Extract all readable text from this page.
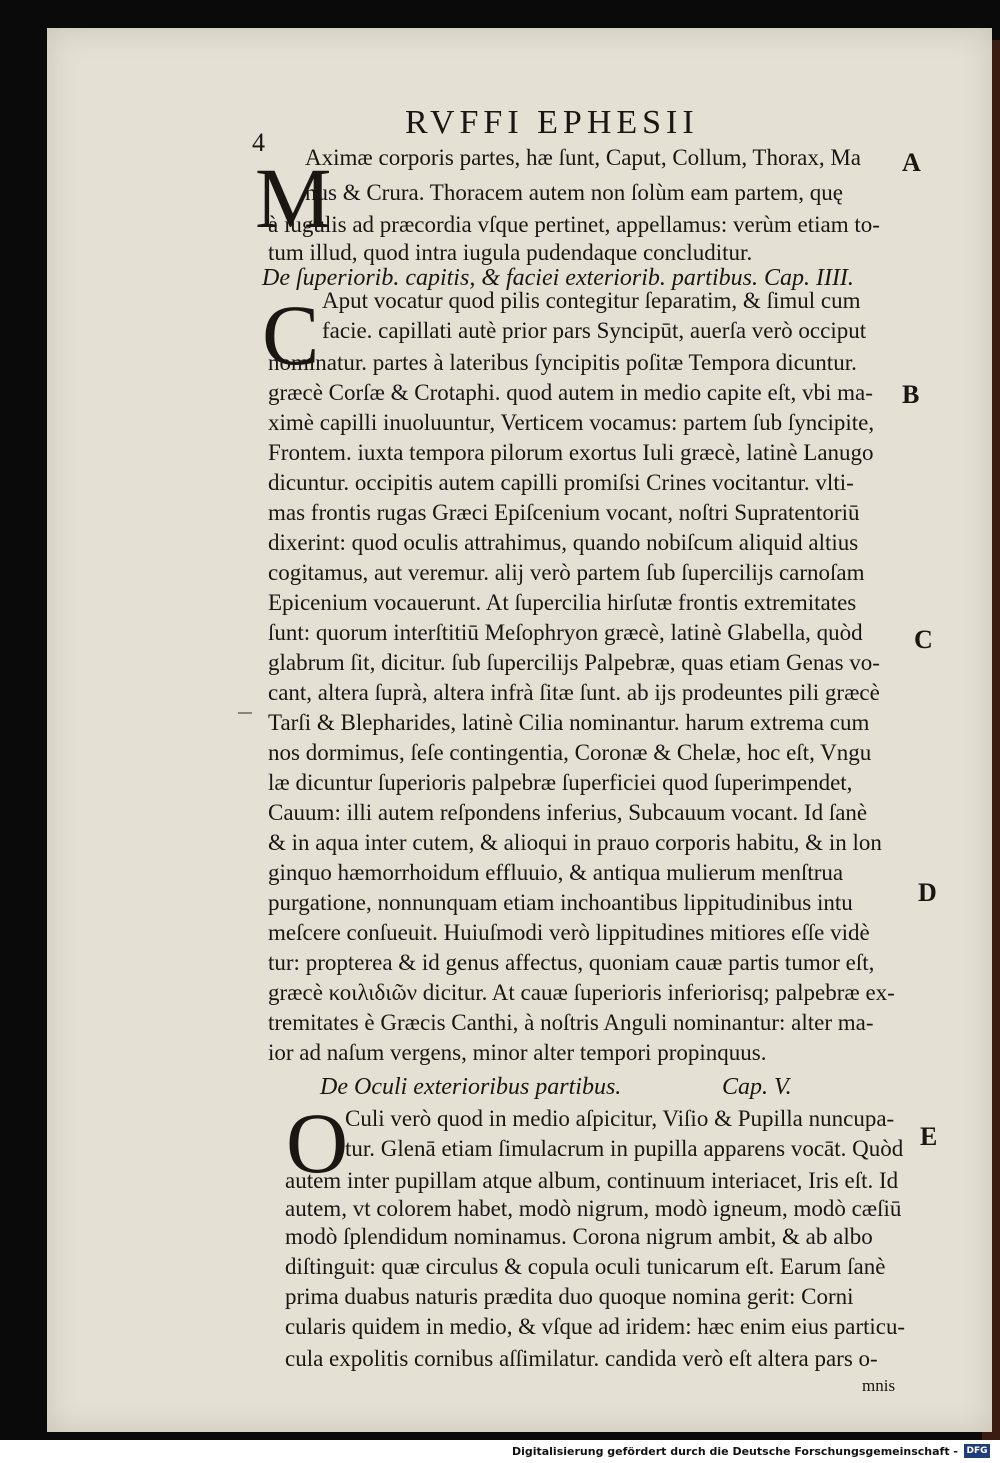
4
RVFFI EPHESII
M
Aximæ corporis partes, hæ ſunt, Caput, Collum, Thorax, Ma
nus & Crura. Thoracem autem non ſolùm eam partem, quę
à iugulis ad præcordia vſque pertinet, appellamus: verùm etiam to-
tum illud, quod intra iugula pudendaque concluditur.
De ſuperiorib. capitis, & faciei exteriorib. partibus. Cap. IIII.
C Aput vocatur quod pilis contegitur ſeparatim, & ſimul cum
facie. capillati autè prior pars Syncipūt, auerſa verò occiput
nominatur. partes à lateribus ſyncipitis poſitæ Tempora dicuntur.
græcè Corſæ & Crotaphi. quod autem in medio capite eſt, vbi ma-
ximè capilli inuoluuntur, Verticem vocamus: partem ſub ſyncipite,
Frontem. iuxta tempora pilorum exortus Iuli græcè, latinè Lanugo
dicuntur. occipitis autem capilli promiſsi Crines vocitantur. vlti-
mas frontis rugas Græci Epiſcenium vocant, noſtri Supratentoriū
dixerint: quod oculis attrahimus, quando nobiſcum aliquid altius
cogitamus, aut veremur. alij verò partem ſub ſupercilijs carnoſam
Epicenium vocauerunt. At ſupercilia hirſutæ frontis extremitates
ſunt: quorum interſtitiū Meſophryon græcè, latinè Glabella, quòd
glabrum ſit, dicitur. ſub ſupercilijs Palpebræ, quas etiam Genas vo-
cant, altera ſuprà, altera infrà ſitæ ſunt. ab ijs prodeuntes pili græcè
Tarſi & Blepharides, latinè Cilia nominantur. harum extrema cum
nos dormimus, ſeſe contingentia, Coronæ & Chelæ, hoc eſt, Vngu
læ dicuntur ſuperioris palpebræ ſuperficiei quod ſuperimpendet,
Cauum: illi autem reſpondens inferius, Subcauum vocant. Id ſanè
& in aqua inter cutem, & alioqui in prauo corporis habitu, & in lon
ginquo hæmorrhoidum effluuio, & antiqua mulierum menſtrua
purgatione, nonnunquam etiam inchoantibus lippitudinibus intu
meſcere conſueuit. Huiuſmodi verò lippitudines mitiores eſſe vidè
tur: propterea & id genus affectus, quoniam cauæ partis tumor eſt,
græcè κοιλιδιῶν dicitur. At cauæ ſuperioris inferiorisq; palpebræ ex-
tremitates è Græcis Canthi, à noſtris Anguli nominantur: alter ma-
ior ad naſum vergens, minor alter tempori propinquus.
De Oculi exterioribus partibus.	Cap. V.
O
Culi verò quod in medio aſpicitur, Viſio & Pupilla nuncupa-
tur. Glenā etiam ſimulacrum in pupilla apparens vocāt. Quòd
autem inter pupillam atque album, continuum interiacet, Iris eſt. Id
autem, vt colorem habet, modò nigrum, modò igneum, modò cæſiū
modò ſplendidum nominamus. Corona nigrum ambit, & ab albo
diſtinguit: quæ circulus & copula oculi tunicarum eſt. Earum ſanè
prima duabus naturis prædita duo quoque nomina gerit: Corni
cularis quidem in medio, & vſque ad iridem: hæc enim eius particu-
cula expolitis cornibus aſſimilatur. candida verò eſt altera pars o-
mnis
A
B
C
D
E
Digitalisierung gefördert durch die Deutsche Forschungsgemeinschaft - DFG
